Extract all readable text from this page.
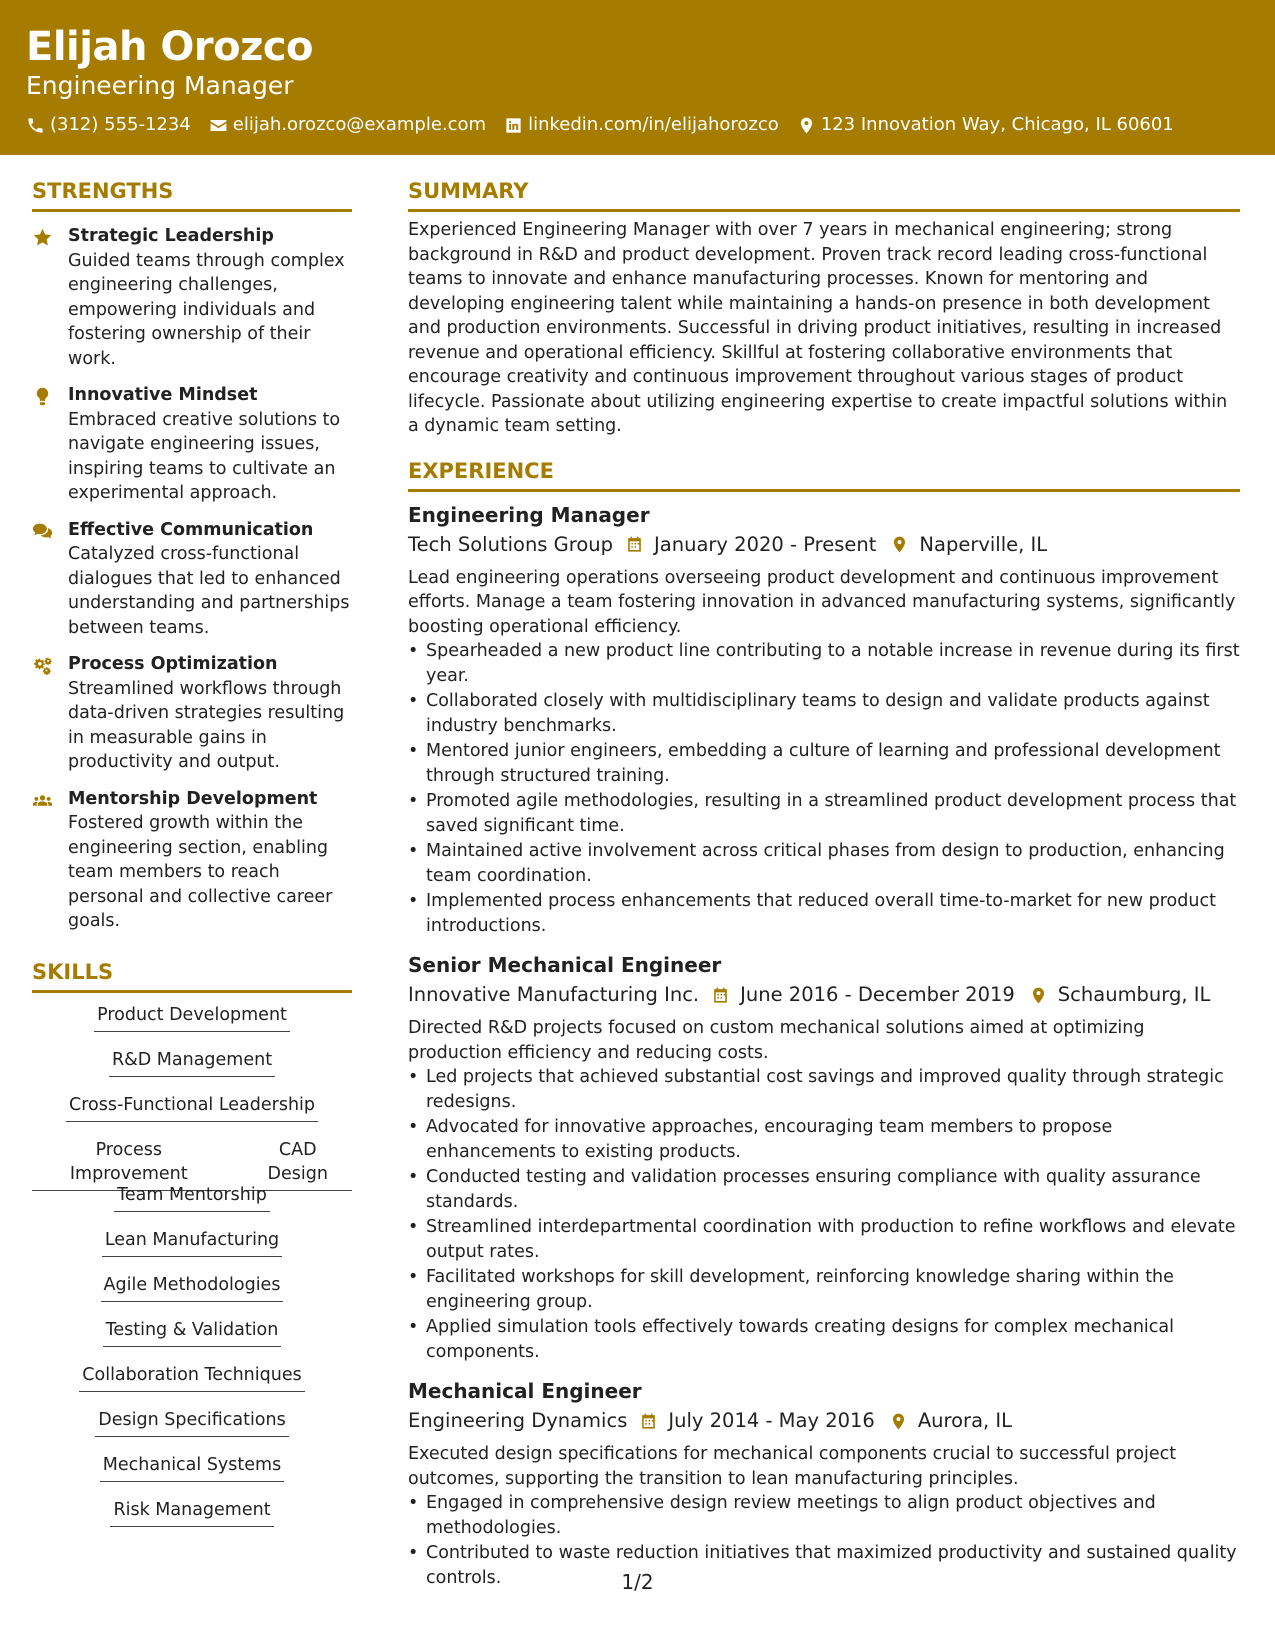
Elijah Orozco
Engineering Manager
(312) 555-1234 elijah.orozco@example.com linkedin.com/in/elijahorozco 123 Innovation Way, Chicago, IL 60601
STRENGTHS
Strategic Leadership
Guided teams through complex engineering challenges, empowering individuals and fostering ownership of their work.
Innovative Mindset
Embraced creative solutions to navigate engineering issues, inspiring teams to cultivate an experimental approach.
Effective Communication
Catalyzed cross-functional dialogues that led to enhanced understanding and partnerships between teams.
Process Optimization
Streamlined workflows through data-driven strategies resulting in measurable gains in productivity and output.
Mentorship Development
Fostered growth within the engineering section, enabling team members to reach personal and collective career goals.
SKILLS
Product Development
R&D Management
Cross-Functional Leadership
Process Improvement
CAD Design
Team Mentorship
Lean Manufacturing
Agile Methodologies
Testing & Validation
Collaboration Techniques
Design Specifications
Mechanical Systems
Risk Management
SUMMARY
Experienced Engineering Manager with over 7 years in mechanical engineering; strong background in R&D and product development. Proven track record leading cross-functional teams to innovate and enhance manufacturing processes. Known for mentoring and developing engineering talent while maintaining a hands-on presence in both development and production environments. Successful in driving product initiatives, resulting in increased revenue and operational efficiency. Skillful at fostering collaborative environments that encourage creativity and continuous improvement throughout various stages of product lifecycle. Passionate about utilizing engineering expertise to create impactful solutions within a dynamic team setting.
EXPERIENCE
Engineering Manager
Tech Solutions Group January 2020 - Present Naperville, IL
Lead engineering operations overseeing product development and continuous improvement efforts. Manage a team fostering innovation in advanced manufacturing systems, significantly boosting operational efficiency.
• Spearheaded a new product line contributing to a notable increase in revenue during its first year.
• Collaborated closely with multidisciplinary teams to design and validate products against industry benchmarks.
• Mentored junior engineers, embedding a culture of learning and professional development through structured training.
• Promoted agile methodologies, resulting in a streamlined product development process that saved significant time.
• Maintained active involvement across critical phases from design to production, enhancing team coordination.
• Implemented process enhancements that reduced overall time-to-market for new product introductions.
Senior Mechanical Engineer
Innovative Manufacturing Inc. June 2016 - December 2019 Schaumburg, IL
Directed R&D projects focused on custom mechanical solutions aimed at optimizing production efficiency and reducing costs.
• Led projects that achieved substantial cost savings and improved quality through strategic redesigns.
• Advocated for innovative approaches, encouraging team members to propose enhancements to existing products.
• Conducted testing and validation processes ensuring compliance with quality assurance standards.
• Streamlined interdepartmental coordination with production to refine workflows and elevate output rates.
• Facilitated workshops for skill development, reinforcing knowledge sharing within the engineering group.
• Applied simulation tools effectively towards creating designs for complex mechanical components.
Mechanical Engineer
Engineering Dynamics July 2014 - May 2016 Aurora, IL
Executed design specifications for mechanical components crucial to successful project outcomes, supporting the transition to lean manufacturing principles.
• Engaged in comprehensive design review meetings to align product objectives and methodologies.
• Contributed to waste reduction initiatives that maximized productivity and sustained quality controls.	1/2
